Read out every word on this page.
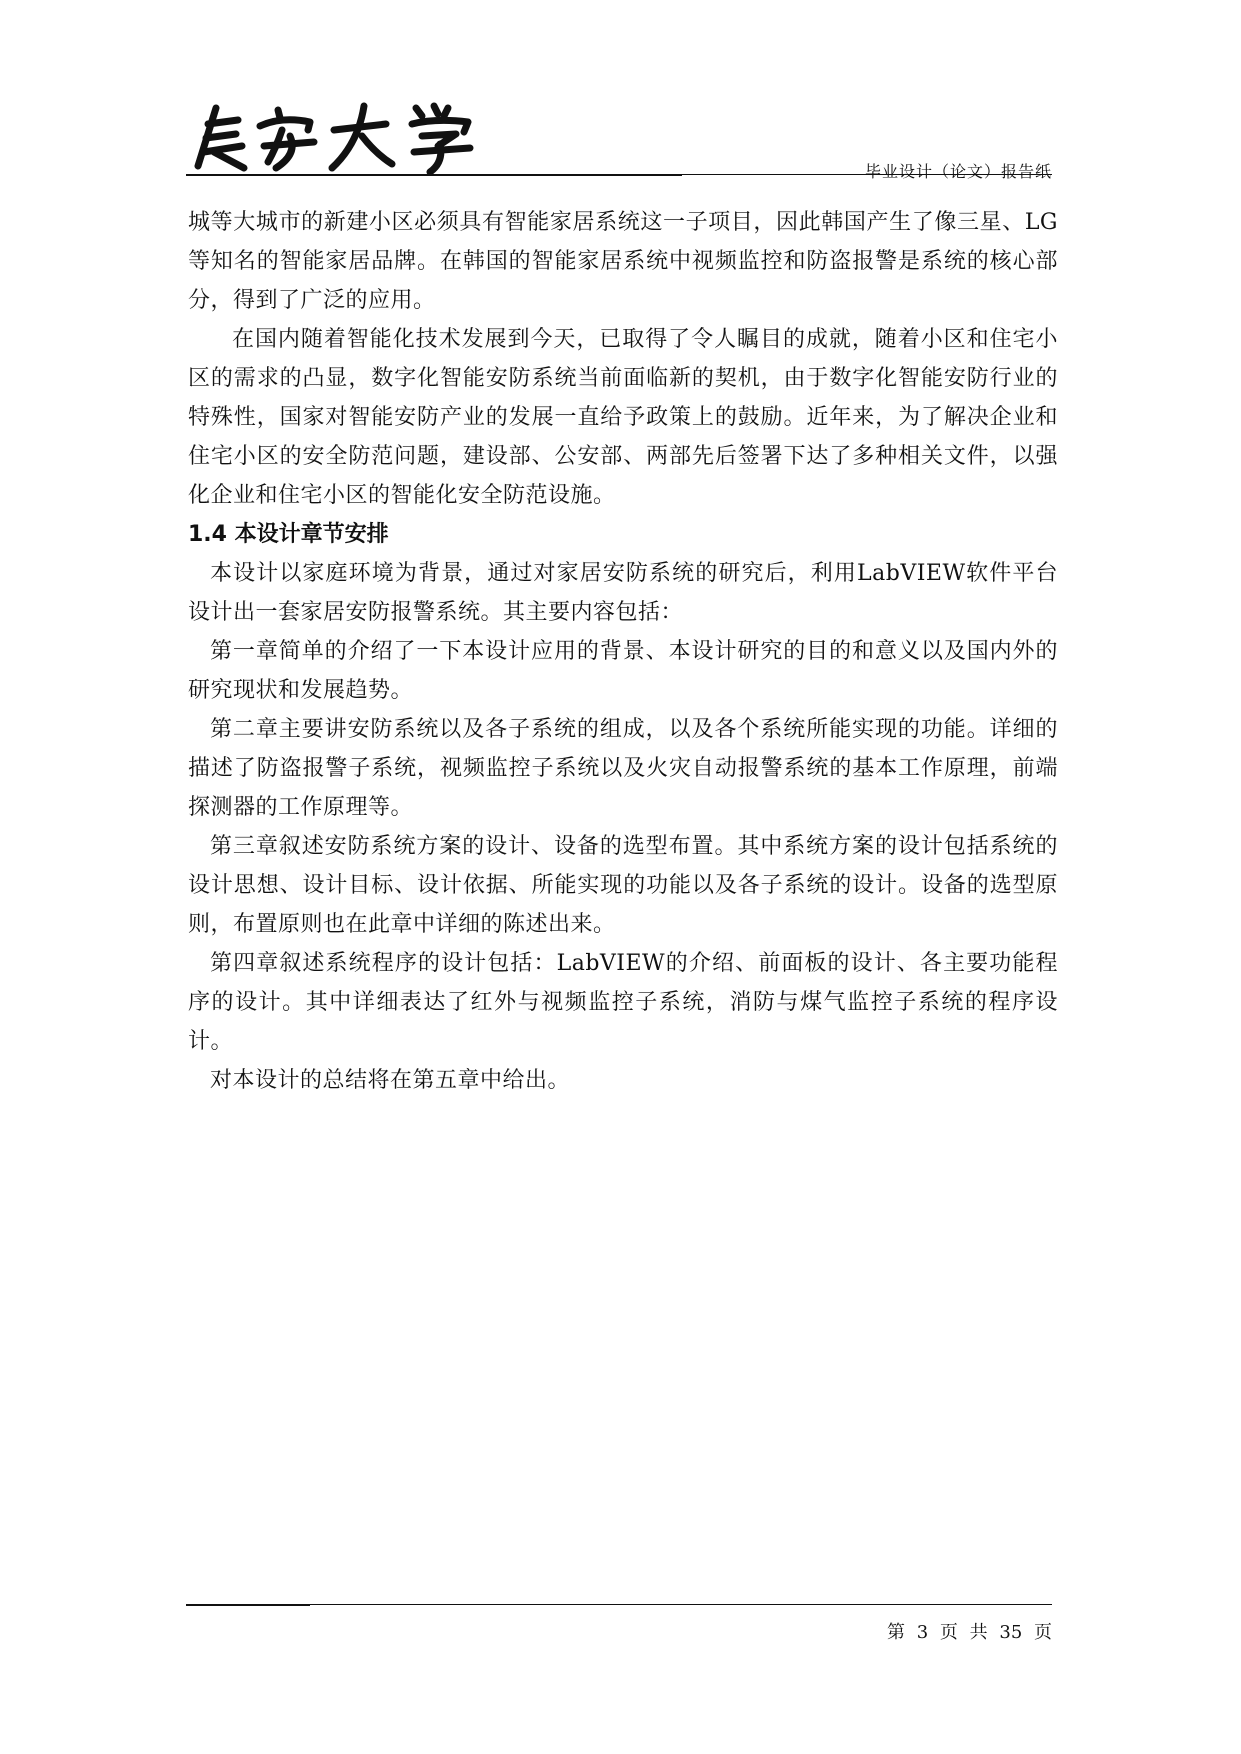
毕业设计（论文）报告纸

城等大城市的新建小区必须具有智能家居系统这一子项目，因此韩国产生了像三星、LG等知名的智能家居品牌。在韩国的智能家居系统中视频监控和防盗报警是系统的核心部分，得到了广泛的应用。

在国内随着智能化技术发展到今天，已取得了令人瞩目的成就，随着小区和住宅小区的需求的凸显，数字化智能安防系统当前面临新的契机，由于数字化智能安防行业的特殊性，国家对智能安防产业的发展一直给予政策上的鼓励。近年来，为了解决企业和住宅小区的安全防范问题，建设部、公安部、两部先后签署下达了多种相关文件，以强化企业和住宅小区的智能化安全防范设施。

1.4 本设计章节安排

本设计以家庭环境为背景，通过对家居安防系统的研究后，利用LabVIEW软件平台设计出一套家居安防报警系统。其主要内容包括：

第一章简单的介绍了一下本设计应用的背景、本设计研究的目的和意义以及国内外的研究现状和发展趋势。

第二章主要讲安防系统以及各子系统的组成，以及各个系统所能实现的功能。详细的描述了防盗报警子系统，视频监控子系统以及火灾自动报警系统的基本工作原理，前端探测器的工作原理等。

第三章叙述安防系统方案的设计、设备的选型布置。其中系统方案的设计包括系统的设计思想、设计目标、设计依据、所能实现的功能以及各子系统的设计。设备的选型原则，布置原则也在此章中详细的陈述出来。

第四章叙述系统程序的设计包括：LabVIEW的介绍、前面板的设计、各主要功能程序的设计。其中详细表达了红外与视频监控子系统，消防与煤气监控子系统的程序设计。

对本设计的总结将在第五章中给出。

第 3 页 共 35 页
